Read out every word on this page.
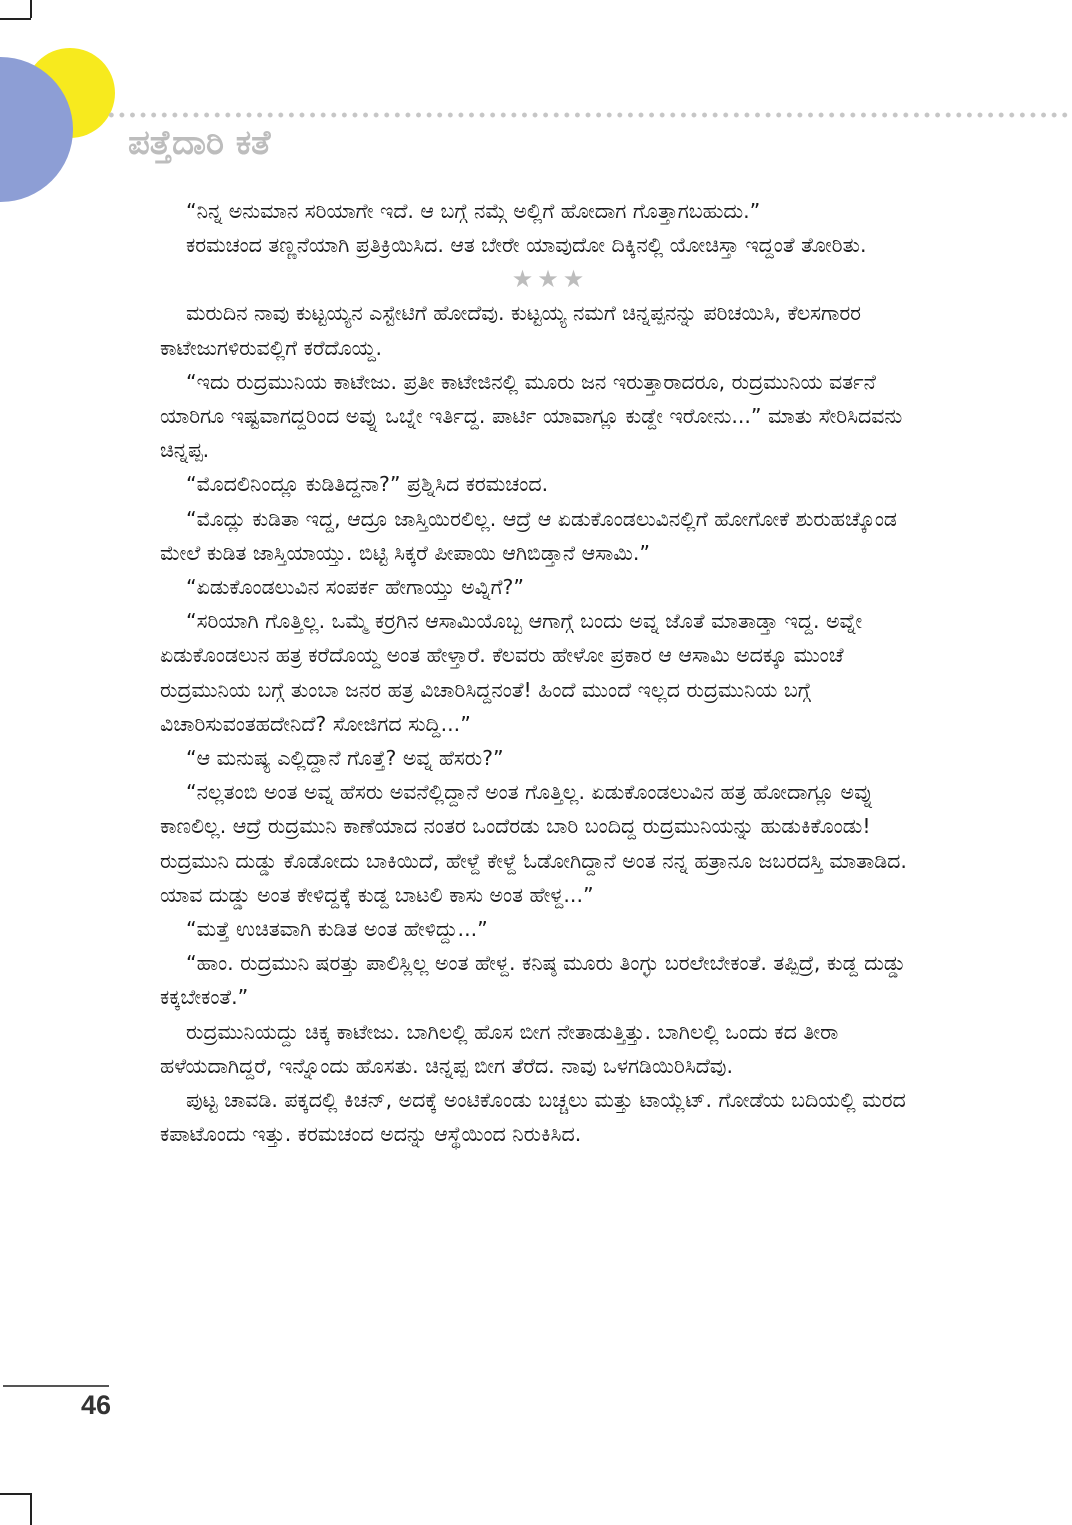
ಪತ್ತೆದಾರಿ ಕತೆ

“ನಿನ್ನ ಅನುಮಾನ ಸರಿಯಾಗೇ ಇದೆ. ಆ ಬಗ್ಗೆ ನಮ್ಗೆ ಅಲ್ಲಿಗೆ ಹೋದಾಗ ಗೊತ್ತಾಗಬಹುದು.”

ಕರಮಚಂದ ತಣ್ಣನೆಯಾಗಿ ಪ್ರತಿಕ್ರಿಯಿಸಿದ. ಆತ ಬೇರೇ ಯಾವುದೋ ದಿಕ್ಕಿನಲ್ಲಿ ಯೋಚಿಸ್ತಾ ಇದ್ದಂತೆ ತೋರಿತು.

★★★

ಮರುದಿನ ನಾವು ಕುಟ್ಟಯ್ಯನ ಎಸ್ಟೇಟಿಗೆ ಹೋದೆವು. ಕುಟ್ಟಯ್ಯ ನಮಗೆ ಚಿನ್ನಪ್ಪನನ್ನು ಪರಿಚಯಿಸಿ, ಕೆಲಸಗಾರರ ಕಾಟೇಜುಗಳಿರುವಲ್ಲಿಗೆ ಕರೆದೊಯ್ದ.

“ಇದು ರುದ್ರಮುನಿಯ ಕಾಟೇಜು. ಪ್ರತೀ ಕಾಟೇಜಿನಲ್ಲಿ ಮೂರು ಜನ ಇರುತ್ತಾರಾದರೂ, ರುದ್ರಮುನಿಯ ವರ್ತನೆ ಯಾರಿಗೂ ಇಷ್ಟವಾಗದ್ದರಿಂದ ಅವ್ನು ಒಬ್ನೇ ಇರ್ತಿದ್ದ. ಪಾರ್ಟಿ ಯಾವಾಗ್ಲೂ ಕುಡ್ದೇ ಇರೋನು...” ಮಾತು ಸೇರಿಸಿದವನು ಚಿನ್ನಪ್ಪ.

“ಮೊದಲಿನಿಂದ್ಲೂ ಕುಡಿತಿದ್ದನಾ?” ಪ್ರಶ್ನಿಸಿದ ಕರಮಚಂದ.

“ಮೊದ್ಲು ಕುಡಿತಾ ಇದ್ದ, ಆದ್ರೂ ಜಾಸ್ತಿಯಿರಲಿಲ್ಲ. ಆದ್ರೆ ಆ ಏಡುಕೊಂಡಲುವಿನಲ್ಲಿಗೆ ಹೋಗೋಕೆ ಶುರುಹಚ್ಕೊಂಡ ಮೇಲೆ ಕುಡಿತ ಜಾಸ್ತಿಯಾಯ್ತು. ಬಿಟ್ಟಿ ಸಿಕ್ಕರೆ ಪೀಪಾಯಿ ಆಗಿಬಿಡ್ತಾನೆ ಆಸಾಮಿ.”

“ಏಡುಕೊಂಡಲುವಿನ ಸಂಪರ್ಕ ಹೇಗಾಯ್ತು ಅವ್ನಿಗೆ?”

“ಸರಿಯಾಗಿ ಗೊತ್ತಿಲ್ಲ. ಒಮ್ಮೆ ಕರ್‍ರಗಿನ ಆಸಾಮಿಯೊಬ್ಬ ಆಗಾಗ್ಗೆ ಬಂದು ಅವ್ನ ಜೊತೆ ಮಾತಾಡ್ತಾ ಇದ್ದ. ಅವ್ನೇ ಏಡುಕೊಂಡಲುನ ಹತ್ರ ಕರೆದೊಯ್ದ ಅಂತ ಹೇಳ್ತಾರೆ. ಕೆಲವರು ಹೇಳೋ ಪ್ರಕಾರ ಆ ಆಸಾಮಿ ಅದಕ್ಕೂ ಮುಂಚೆ ರುದ್ರಮುನಿಯ ಬಗ್ಗೆ ತುಂಬಾ ಜನರ ಹತ್ರ ವಿಚಾರಿಸಿದ್ದನಂತೆ! ಹಿಂದೆ ಮುಂದೆ ಇಲ್ಲದ ರುದ್ರಮುನಿಯ ಬಗ್ಗೆ ವಿಚಾರಿಸುವಂತಹದೇನಿದೆ? ಸೋಜಿಗದ ಸುದ್ದಿ...”

“ಆ ಮನುಷ್ಯ ಎಲ್ಲಿದ್ದಾನೆ ಗೊತ್ತೆ? ಅವ್ನ ಹೆಸರು?”

“ನಲ್ಲತಂಬಿ ಅಂತ ಅವ್ನ ಹೆಸರು ಅವನೆಲ್ಲಿದ್ದಾನೆ ಅಂತ ಗೊತ್ತಿಲ್ಲ. ಏಡುಕೊಂಡಲುವಿನ ಹತ್ರ ಹೋದಾಗ್ಲೂ ಅವ್ನು ಕಾಣಲಿಲ್ಲ. ಆದ್ರೆ ರುದ್ರಮುನಿ ಕಾಣೆಯಾದ ನಂತರ ಒಂದೆರಡು ಬಾರಿ ಬಂದಿದ್ದ ರುದ್ರಮುನಿಯನ್ನು ಹುಡುಕಿಕೊಂಡು! ರುದ್ರಮುನಿ ದುಡ್ಡು ಕೊಡೋದು ಬಾಕಿಯಿದೆ, ಹೇಳ್ದೆ ಕೇಳ್ದೆ ಓಡೋಗಿದ್ದಾನೆ ಅಂತ ನನ್ನ ಹತ್ರಾನೂ ಜಬರದಸ್ತಿ ಮಾತಾಡಿದ. ಯಾವ ದುಡ್ಡು ಅಂತ ಕೇಳಿದ್ದಕ್ಕೆ ಕುಡ್ದ ಬಾಟಲಿ ಕಾಸು ಅಂತ ಹೇಳ್ದ...”

“ಮತ್ತೆ ಉಚಿತವಾಗಿ ಕುಡಿತ ಅಂತ ಹೇಳಿದ್ದು...”

“ಹಾಂ. ರುದ್ರಮುನಿ ಷರತ್ತು ಪಾಲಿಸ್ಲಿಲ್ಲ ಅಂತ ಹೇಳ್ದ. ಕನಿಷ್ಠ ಮೂರು ತಿಂಗ್ಳು ಬರಲೇಬೇಕಂತೆ. ತಪ್ಪಿದ್ರೆ, ಕುಡ್ದ ದುಡ್ಡು ಕಕ್ಕಬೇಕಂತೆ.”

ರುದ್ರಮುನಿಯದ್ದು ಚಿಕ್ಕ ಕಾಟೇಜು. ಬಾಗಿಲಲ್ಲಿ ಹೊಸ ಬೀಗ ನೇತಾಡುತ್ತಿತ್ತು. ಬಾಗಿಲಲ್ಲಿ ಒಂದು ಕದ ತೀರಾ ಹಳೆಯದಾಗಿದ್ದರೆ, ಇನ್ನೊಂದು ಹೊಸತು. ಚಿನ್ನಪ್ಪ ಬೀಗ ತೆರೆದ. ನಾವು ಒಳಗಡಿಯಿರಿಸಿದೆವು.

ಪುಟ್ಟ ಚಾವಡಿ. ಪಕ್ಕದಲ್ಲಿ ಕಿಚನ್, ಅದಕ್ಕೆ ಅಂಟಿಕೊಂಡು ಬಚ್ಚಲು ಮತ್ತು ಟಾಯ್ಲೆಟ್. ಗೋಡೆಯ ಬದಿಯಲ್ಲಿ ಮರದ ಕಪಾಟೊಂದು ಇತ್ತು. ಕರಮಚಂದ ಅದನ್ನು ಆಸ್ಥೆಯಿಂದ ನಿರುಕಿಸಿದ.

46
